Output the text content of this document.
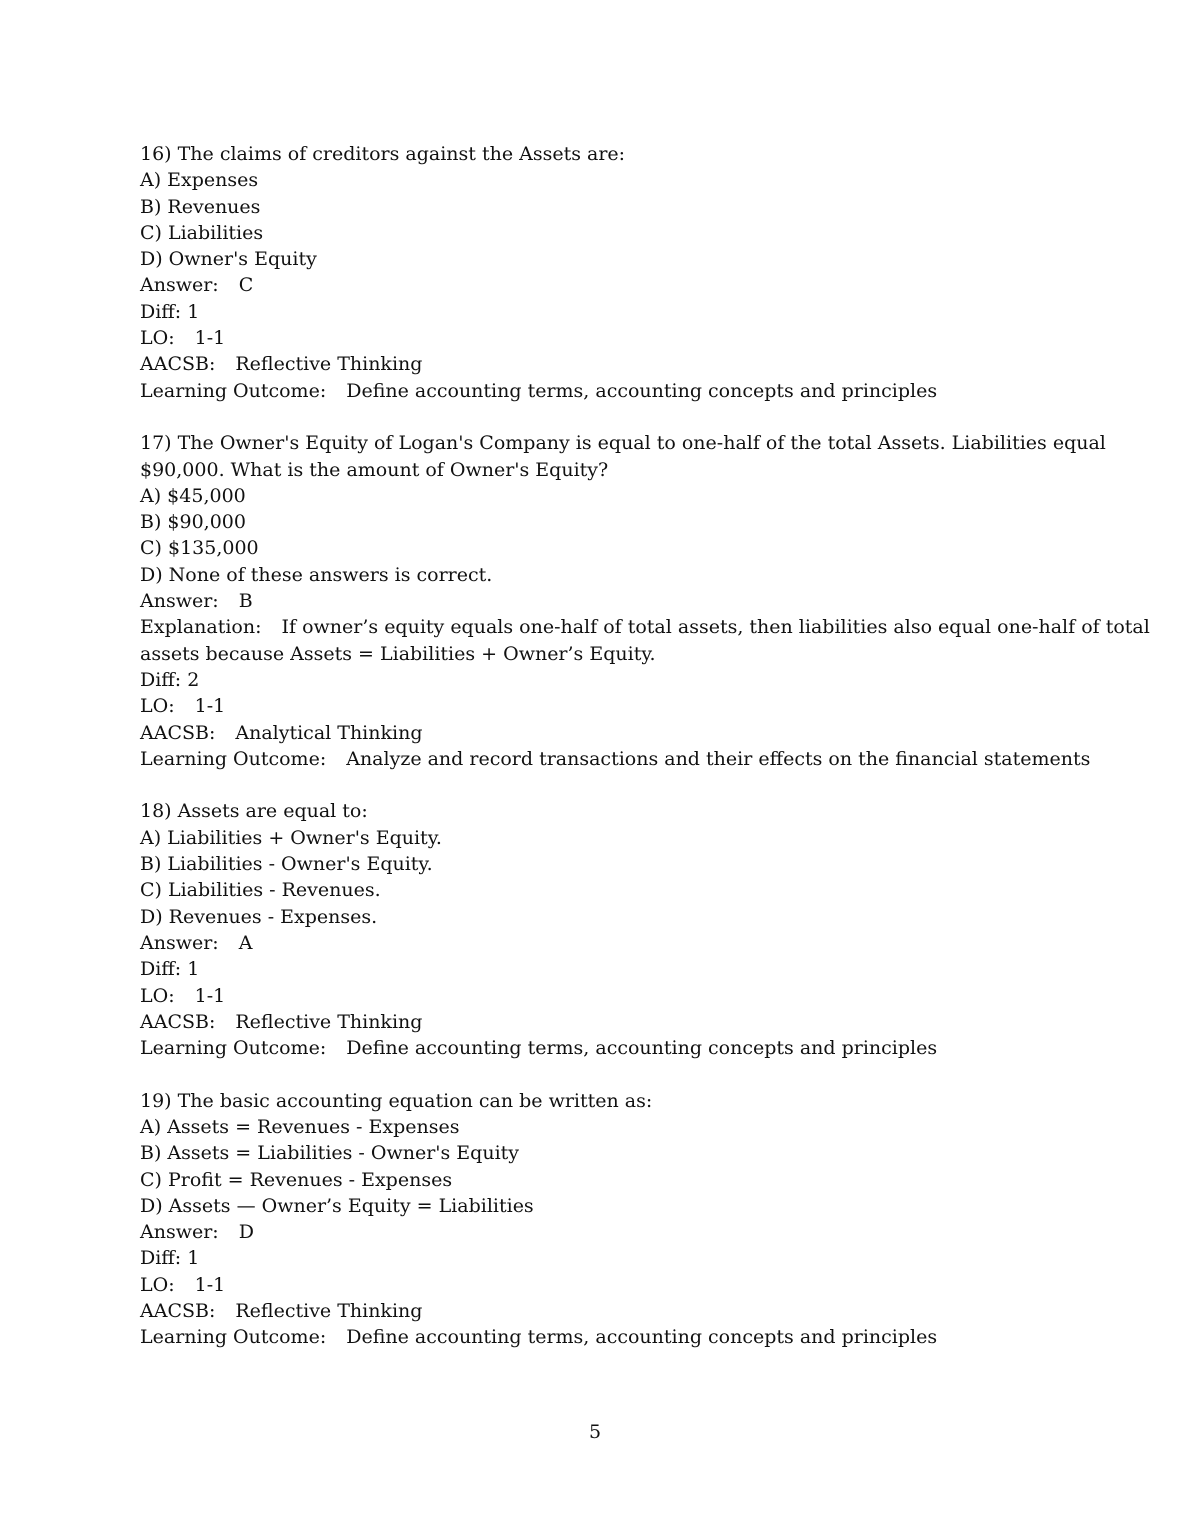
16) The claims of creditors against the Assets are:
A) Expenses
B) Revenues
C) Liabilities
D) Owner's Equity
Answer: C
Diff: 1
LO: 1-1
AACSB: Reflective Thinking
Learning Outcome: Define accounting terms, accounting concepts and principles
17) The Owner's Equity of Logan's Company is equal to one-half of the total Assets. Liabilities equal
$90,000. What is the amount of Owner's Equity?
A) $45,000
B) $90,000
C) $135,000
D) None of these answers is correct.
Answer: B
Explanation: If owner’s equity equals one-half of total assets, then liabilities also equal one-half of total
assets because Assets = Liabilities + Owner’s Equity.
Diff: 2
LO: 1-1
AACSB: Analytical Thinking
Learning Outcome: Analyze and record transactions and their effects on the financial statements
18) Assets are equal to:
A) Liabilities + Owner's Equity.
B) Liabilities - Owner's Equity.
C) Liabilities - Revenues.
D) Revenues - Expenses.
Answer: A
Diff: 1
LO: 1-1
AACSB: Reflective Thinking
Learning Outcome: Define accounting terms, accounting concepts and principles
19) The basic accounting equation can be written as:
A) Assets = Revenues - Expenses
B) Assets = Liabilities - Owner's Equity
C) Profit = Revenues - Expenses
D) Assets — Owner’s Equity = Liabilities
Answer: D
Diff: 1
LO: 1-1
AACSB: Reflective Thinking
Learning Outcome: Define accounting terms, accounting concepts and principles
5
